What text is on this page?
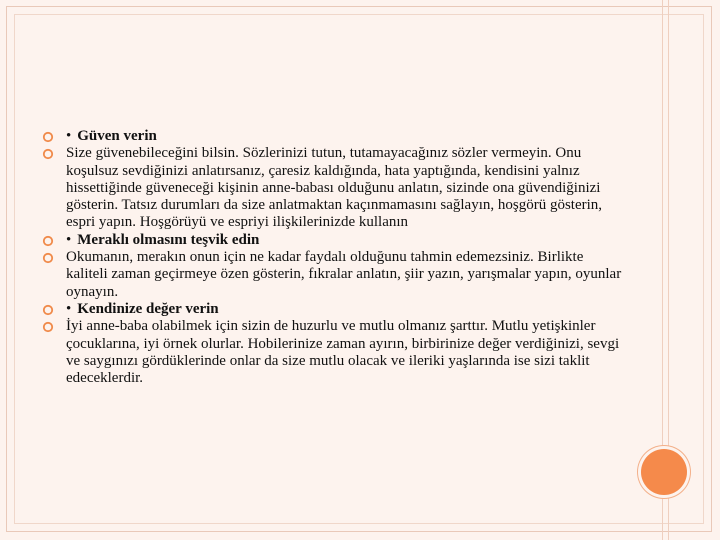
• Güven verin
Size güvenebileceğini bilsin. Sözlerinizi tutun, tutamayacağınız sözler vermeyin. Onu koşulsuz sevdiğinizi anlatırsanız, çaresiz kaldığında, hata yaptığında, kendisini yalnız hissettiğinde güveneceği kişinin anne-babası olduğunu anlatın, sizinde ona güvendiğinizi gösterin. Tatsız durumları da size anlatmaktan kaçınmamasını sağlayın, hoşgörü gösterin, espri yapın. Hoşgörüyü ve espriyi ilişkilerinizde kullanın
• Meraklı olmasını teşvik edin
Okumanın, merakın onun için ne kadar faydalı olduğunu tahmin edemezsiniz. Birlikte kaliteli zaman geçirmeye özen gösterin, fıkralar anlatın, şiir yazın, yarışmalar yapın, oyunlar oynayın.
• Kendinize değer verin
İyi anne-baba olabilmek için sizin de huzurlu ve mutlu olmanız şarttır. Mutlu yetişkinler çocuklarına, iyi örnek olurlar. Hobilerinize zaman ayırın, birbirinize değer verdiğinizi, sevgi ve saygınızı gördüklerinde onlar da size mutlu olacak ve ileriki yaşlarında ise sizi taklit edeceklerdir.
